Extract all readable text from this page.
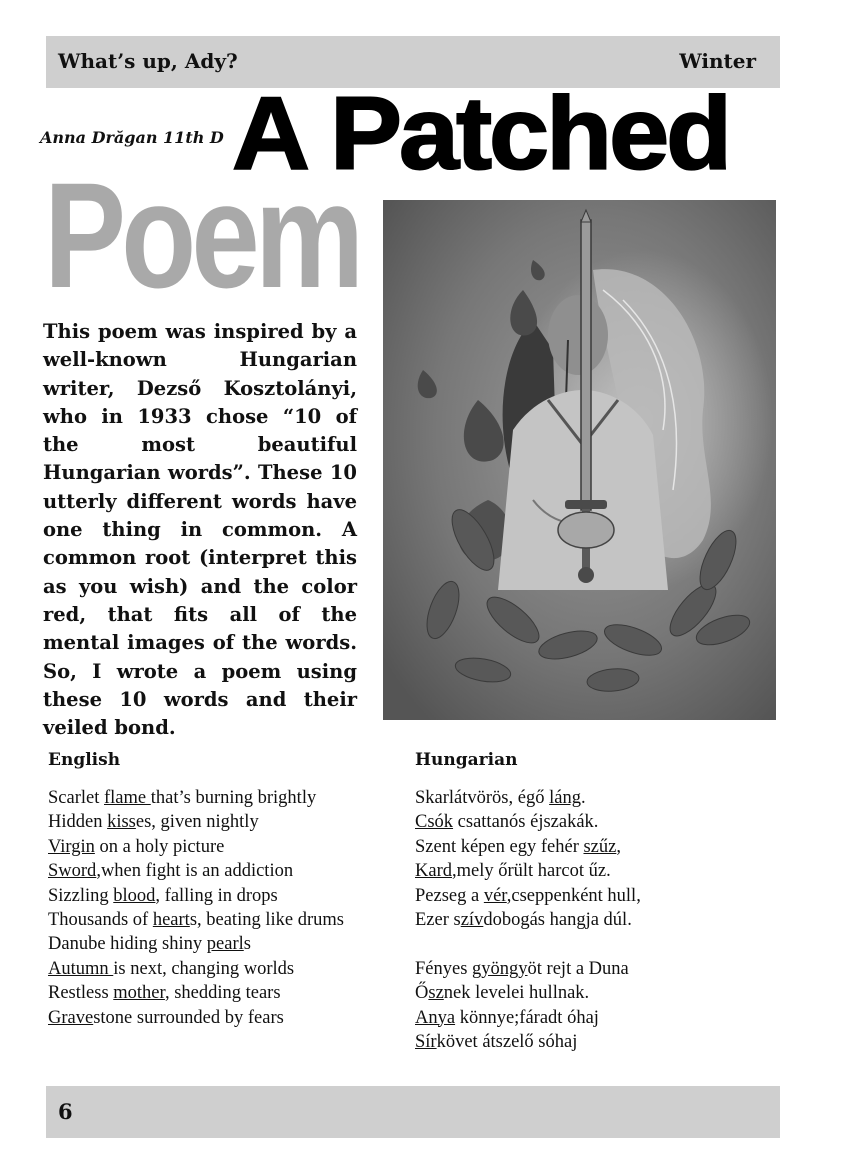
What’s up, Ady?	Winter
Anna Drăgan 11th D A Patched
Poem
This poem was inspired by a well-known Hungarian writer, Dezső Kosztolányi, who in 1933 chose “10 of the most beautiful Hungarian words”. These 10 utterly different words have one thing in common. A common root (interpret this as you wish) and the color red, that fits all of the mental images of the words. So, I wrote a poem using these 10 words and their veiled bond.
English	Hungarian
Scarlet flame that’s burning brightly
Hidden kisses, given nightly
Virgin on a holy picture
Sword,when fight is an addiction
Sizzling blood, falling in drops
Thousands of hearts, beating like drums
Danube hiding shiny pearls
Autumn is next, changing worlds
Restless mother, shedding tears
Gravestone surrounded by fears
Skarlátvörös, égő láng.
Csók csattanós éjszakák.
Szent képen egy fehér szűz,
Kard,mely őrült harcot űz.
Pezseg a vér,cseppenként hull,
Ezer szívdobogás hangja dúl.
Fényes gyöngyöt rejt a Duna
Ősznek levelei hullnak.
Anya könnye;fáradt óhaj
Sírkövet átszelő sóhaj
6
